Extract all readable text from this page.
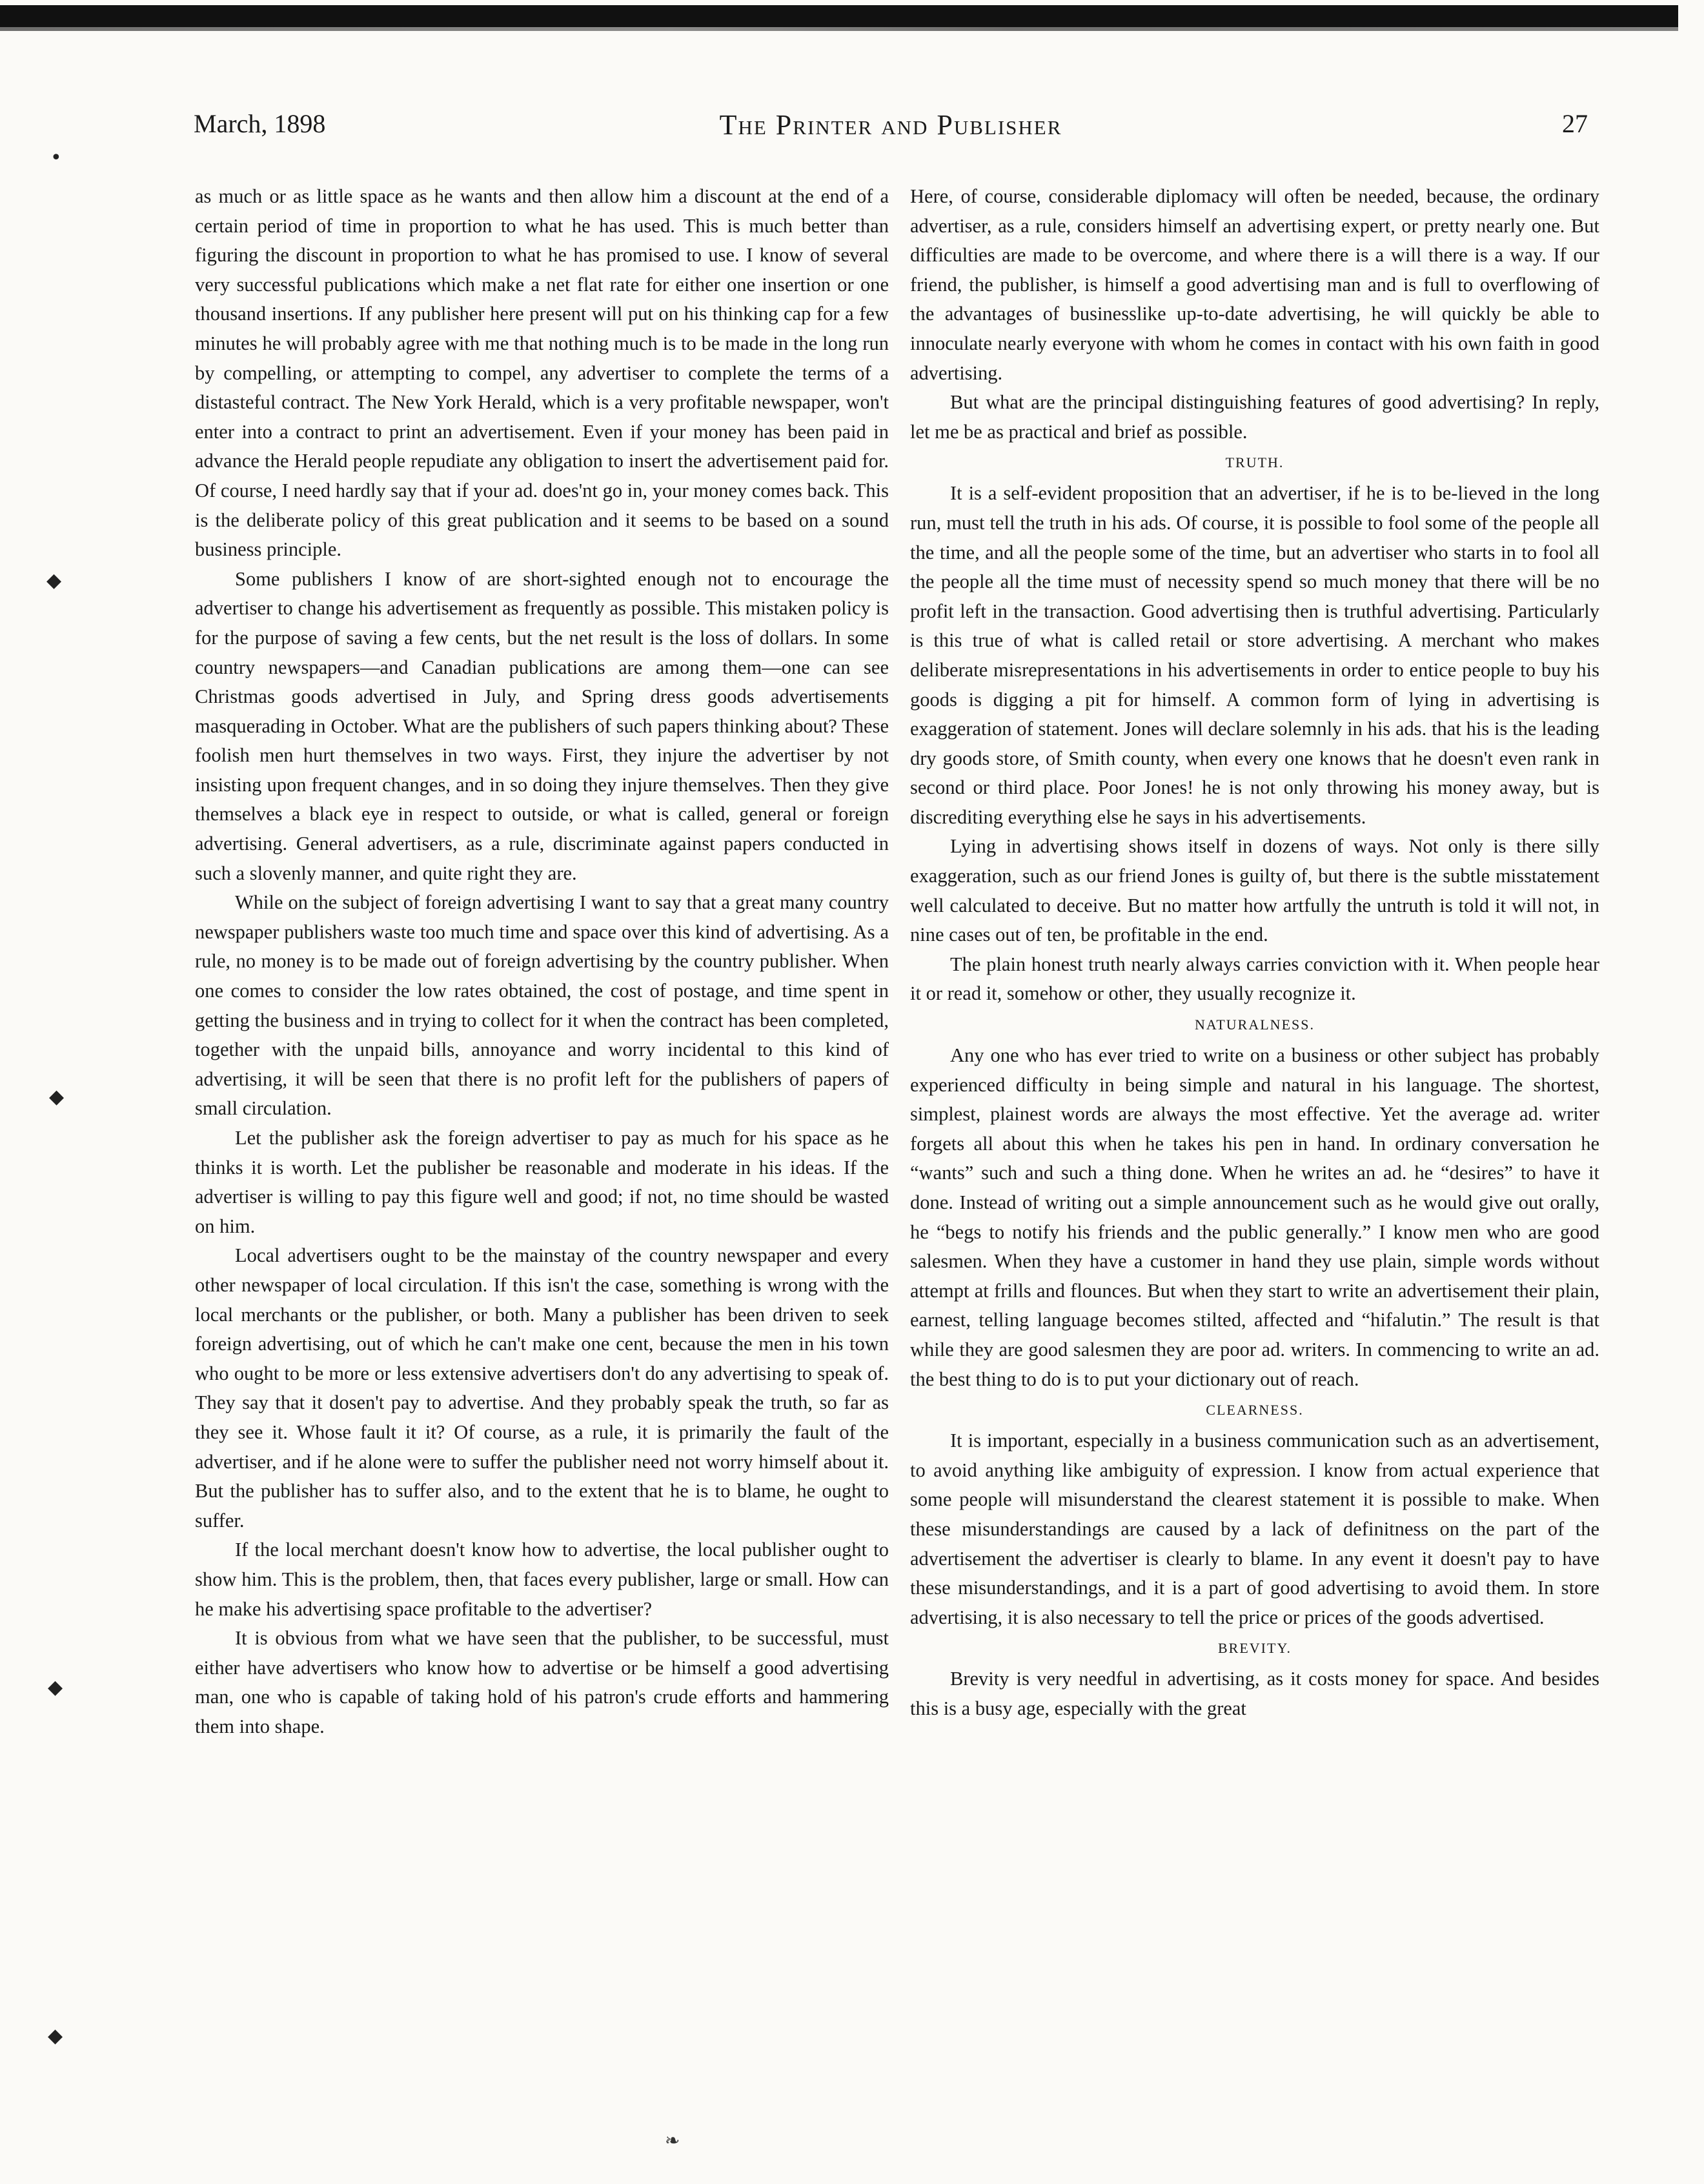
March, 1898	The Printer and Publisher	27
•
◆
◆
◆
◆
❧

as much or as little space as he wants and then allow him a discount at the end of a certain period of time in proportion to what he has used. This is much better than figuring the discount in proportion to what he has promised to use. I know of several very successful publications which make a net flat rate for either one insertion or one thousand insertions. If any publisher here present will put on his thinking cap for a few minutes he will probably agree with me that nothing much is to be made in the long run by compelling, or attempting to compel, any advertiser to complete the terms of a distasteful contract. The New York Herald, which is a very profitable newspaper, won't enter into a contract to print an advertisement. Even if your money has been paid in advance the Herald people repudiate any obligation to insert the advertisement paid for. Of course, I need hardly say that if your ad. does'nt go in, your money comes back. This is the deliberate policy of this great publication and it seems to be based on a sound business principle.

Some publishers I know of are short-sighted enough not to encourage the advertiser to change his advertisement as frequently as possible. This mistaken policy is for the purpose of saving a few cents, but the net result is the loss of dollars. In some country newspapers—and Canadian publications are among them—one can see Christmas goods advertised in July, and Spring dress goods advertisements masquerading in October. What are the publishers of such papers thinking about? These foolish men hurt themselves in two ways. First, they injure the advertiser by not insisting upon frequent changes, and in so doing they injure themselves. Then they give themselves a black eye in respect to outside, or what is called, general or foreign advertising. General advertisers, as a rule, discriminate against papers conducted in such a slovenly manner, and quite right they are.

While on the subject of foreign advertising I want to say that a great many country newspaper publishers waste too much time and space over this kind of advertising. As a rule, no money is to be made out of foreign advertising by the country publisher. When one comes to consider the low rates obtained, the cost of postage, and time spent in getting the business and in trying to collect for it when the contract has been completed, together with the unpaid bills, annoyance and worry incidental to this kind of advertising, it will be seen that there is no profit left for the publishers of papers of small circulation.

Let the publisher ask the foreign advertiser to pay as much for his space as he thinks it is worth. Let the publisher be reasonable and moderate in his ideas. If the advertiser is willing to pay this figure well and good; if not, no time should be wasted on him.

Local advertisers ought to be the mainstay of the country newspaper and every other newspaper of local circulation. If this isn't the case, something is wrong with the local merchants or the publisher, or both. Many a publisher has been driven to seek foreign advertising, out of which he can't make one cent, because the men in his town who ought to be more or less extensive advertisers don't do any advertising to speak of. They say that it dosen't pay to advertise. And they probably speak the truth, so far as they see it. Whose fault it it? Of course, as a rule, it is primarily the fault of the advertiser, and if he alone were to suffer the publisher need not worry himself about it. But the publisher has to suffer also, and to the extent that he is to blame, he ought to suffer.

If the local merchant doesn't know how to advertise, the local publisher ought to show him. This is the problem, then, that faces every publisher, large or small. How can he make his advertising space profitable to the advertiser?

It is obvious from what we have seen that the publisher, to be successful, must either have advertisers who know how to advertise or be himself a good advertising man, one who is capable of taking hold of his patron's crude efforts and hammering them into shape.

Here, of course, considerable diplomacy will often be needed, because, the ordinary advertiser, as a rule, considers himself an advertising expert, or pretty nearly one. But difficulties are made to be overcome, and where there is a will there is a way. If our friend, the publisher, is himself a good advertising man and is full to overflowing of the advantages of businesslike up-to-date advertising, he will quickly be able to innoculate nearly everyone with whom he comes in contact with his own faith in good advertising.

But what are the principal distinguishing features of good advertising? In reply, let me be as practical and brief as possible.

TRUTH.

It is a self-evident proposition that an advertiser, if he is to be-lieved in the long run, must tell the truth in his ads. Of course, it is possible to fool some of the people all the time, and all the people some of the time, but an advertiser who starts in to fool all the people all the time must of necessity spend so much money that there will be no profit left in the transaction. Good advertising then is truthful advertising. Particularly is this true of what is called retail or store advertising. A merchant who makes deliberate misrepresentations in his advertisements in order to entice people to buy his goods is digging a pit for himself. A common form of lying in advertising is exaggeration of statement. Jones will declare solemnly in his ads. that his is the leading dry goods store, of Smith county, when every one knows that he doesn't even rank in second or third place. Poor Jones! he is not only throwing his money away, but is discrediting everything else he says in his advertisements.

Lying in advertising shows itself in dozens of ways. Not only is there silly exaggeration, such as our friend Jones is guilty of, but there is the subtle misstatement well calculated to deceive. But no matter how artfully the untruth is told it will not, in nine cases out of ten, be profitable in the end.

The plain honest truth nearly always carries conviction with it. When people hear it or read it, somehow or other, they usually recognize it.

NATURALNESS.

Any one who has ever tried to write on a business or other subject has probably experienced difficulty in being simple and natural in his language. The shortest, simplest, plainest words are always the most effective. Yet the average ad. writer forgets all about this when he takes his pen in hand. In ordinary conversation he “wants” such and such a thing done. When he writes an ad. he “desires” to have it done. Instead of writing out a simple announcement such as he would give out orally, he “begs to notify his friends and the public generally.” I know men who are good salesmen. When they have a customer in hand they use plain, simple words without attempt at frills and flounces. But when they start to write an advertisement their plain, earnest, telling language becomes stilted, affected and “hifalutin.” The result is that while they are good salesmen they are poor ad. writers. In commencing to write an ad. the best thing to do is to put your dictionary out of reach.

CLEARNESS.

It is important, especially in a business communication such as an advertisement, to avoid anything like ambiguity of expression. I know from actual experience that some people will misunderstand the clearest statement it is possible to make. When these misunderstandings are caused by a lack of definitness on the part of the advertisement the advertiser is clearly to blame. In any event it doesn't pay to have these misunderstandings, and it is a part of good advertising to avoid them. In store advertising, it is also necessary to tell the price or prices of the goods advertised.

BREVITY.

Brevity is very needful in advertising, as it costs money for space. And besides this is a busy age, especially with the great
